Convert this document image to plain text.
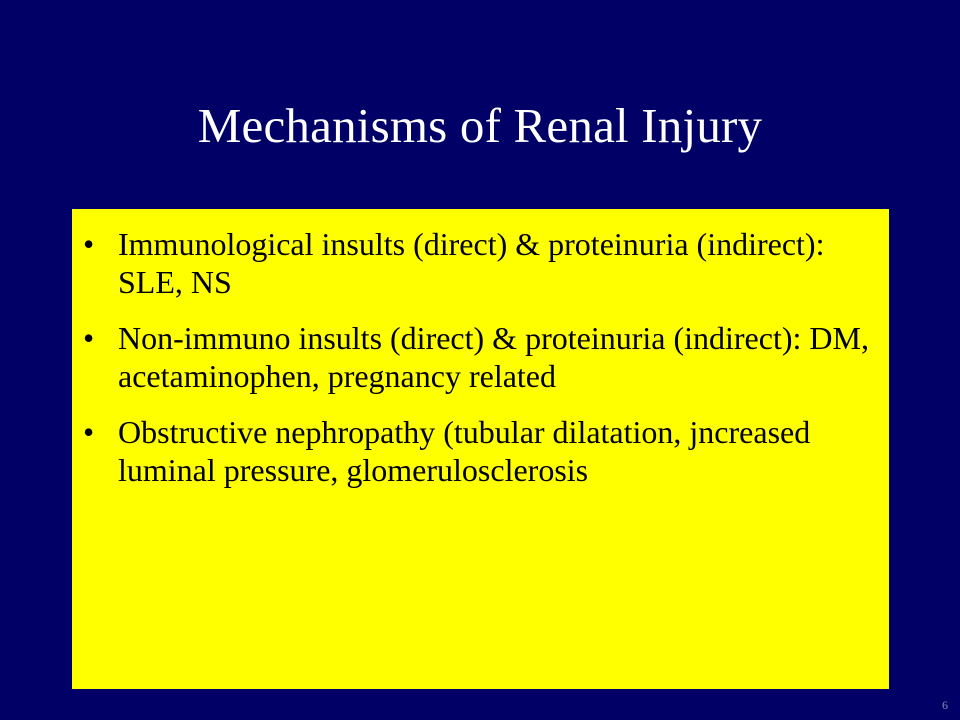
Mechanisms of Renal Injury
• Immunological insults (direct) & proteinuria (indirect): SLE, NS
• Non-immuno insults (direct) & proteinuria (indirect): DM, acetaminophen, pregnancy related
• Obstructive nephropathy (tubular dilatation, jncreased luminal pressure, glomerulosclerosis
6
